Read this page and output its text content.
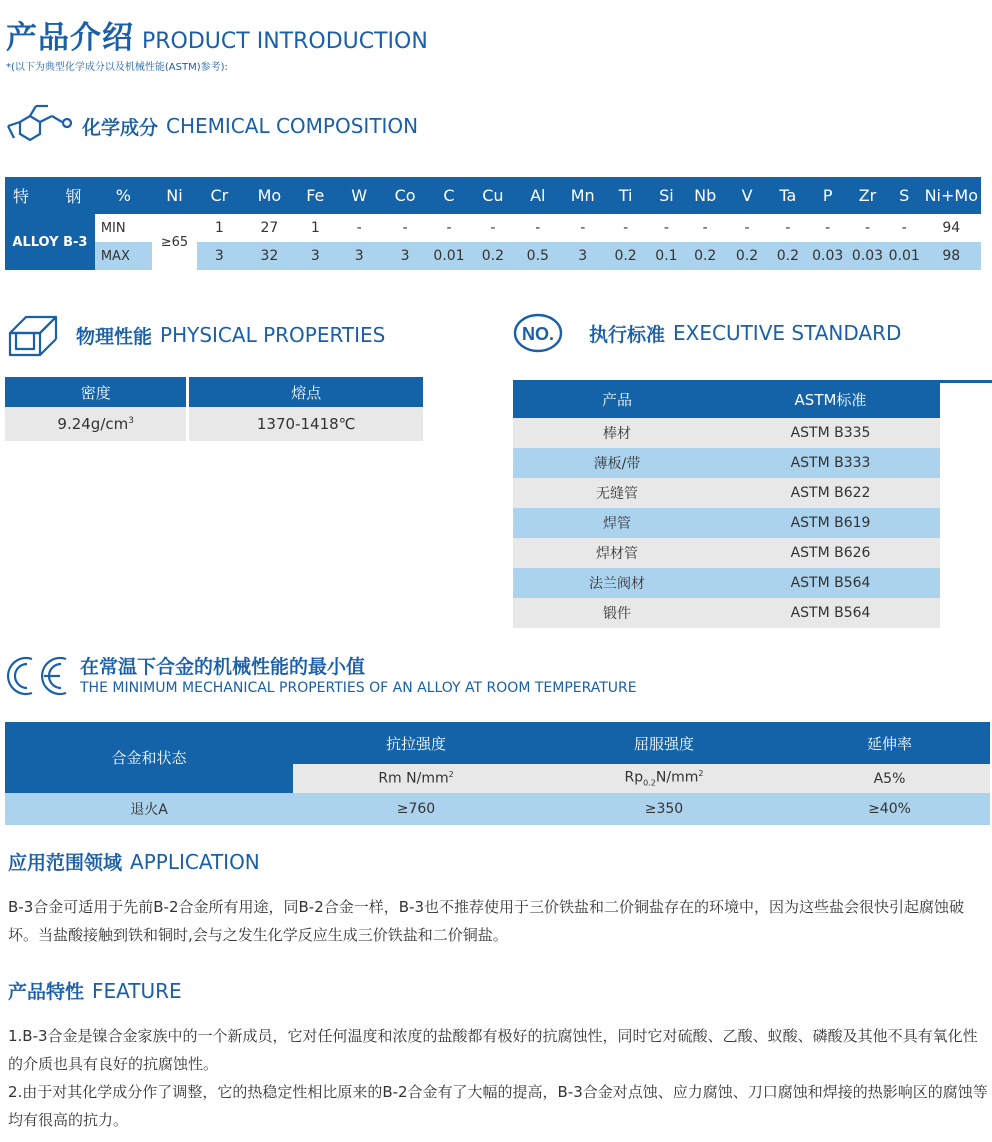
产品介绍 PRODUCT INTRODUCTION
*(以下为典型化学成分以及机械性能(ASTM)参考):
化学成分 CHEMICAL COMPOSITION
特	钢	%	Ni	Cr	Mo	Fe	W	Co	C	Cu	Al	Mn	Ti	Si	Nb	V	Ta	P	Zr	S	Ni+Mo
ALLOY B-3		MIN	≥65	1	27	1	-	-	-	-	-	-	-	-	-	-	-	-	-	-	94
		MAX		3	32	3	3	3	0.01	0.2	0.5	3	0.2	0.1	0.2	0.2	0.2	0.03	0.03	0.01	98
物理性能 PHYSICAL PROPERTIES
密度	熔点
$9.24g/cm^3$	1370-1418℃
NO. 执行标准 EXECUTIVE STANDARD
产品	ASTM标准
棒材	ASTM B335
薄板/带	ASTM B333
无缝管	ASTM B622
焊管	ASTM B619
焊材管	ASTM B626
法兰阀材	ASTM B564
锻件	ASTM B564
在常温下合金的机械性能的最小值
THE MINIMUM MECHANICAL PROPERTIES OF AN ALLOY AT ROOM TEMPERATURE
合金和状态	抗拉强度	屈服强度	延伸率
	Rm $N/mm^2$	$Rp_{0.2}N/mm^2$	A5%
退火A	≥760	≥350	≥40%
应用范围领域 APPLICATION
B-3合金可适用于先前B-2合金所有用途，同B-2合金一样，B-3也不推荐使用于三价铁盐和二价铜盐存在的环境中，因为这些盐会很快引起腐蚀破坏。当盐酸接触到铁和铜时,会与之发生化学反应生成三价铁盐和二价铜盐。
产品特性 FEATURE
1.B-3合金是镍合金家族中的一个新成员，它对任何温度和浓度的盐酸都有极好的抗腐蚀性，同时它对硫酸、乙酸、蚁酸、磷酸及其他不具有氧化性的介质也具有良好的抗腐蚀性。
2.由于对其化学成分作了调整，它的热稳定性相比原来的B-2合金有了大幅的提高，B-3合金对点蚀、应力腐蚀、刀口腐蚀和焊接的热影响区的腐蚀等均有很高的抗力。
